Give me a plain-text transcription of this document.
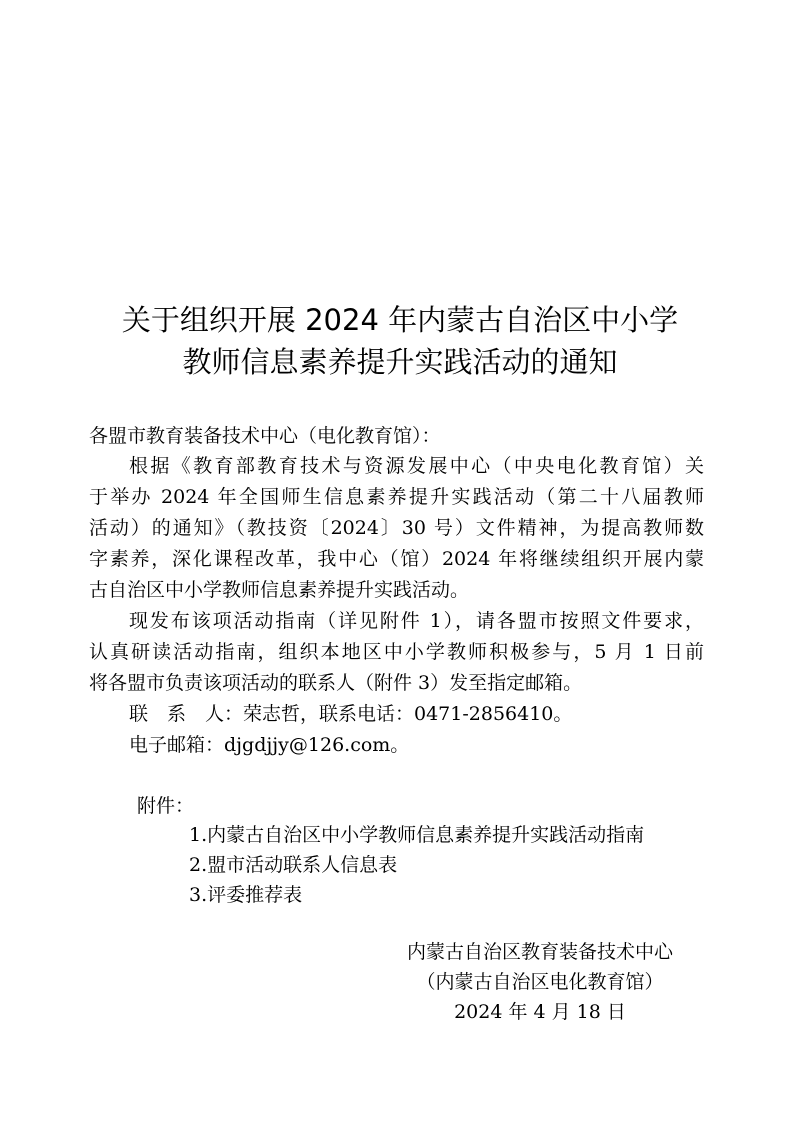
关于组织开展 2024 年内蒙古自治区中小学
教师信息素养提升实践活动的通知
各盟市教育装备技术中心（电化教育馆）：
根据《教育部教育技术与资源发展中心（中央电化教育馆）关
于举办 2024 年全国师生信息素养提升实践活动（第二十八届教师
活动）的通知》（教技资〔2024〕30 号）文件精神，为提高教师数
字素养，深化课程改革，我中心（馆）2024 年将继续组织开展内蒙
古自治区中小学教师信息素养提升实践活动。
现发布该项活动指南（详见附件 1），请各盟市按照文件要求，
认真研读活动指南，组织本地区中小学教师积极参与，5 月 1 日前
将各盟市负责该项活动的联系人（附件 3）发至指定邮箱。
联　系　人：荣志哲，联系电话：0471-2856410。
电子邮箱：djgdjjy@126.com。
附件：
1.内蒙古自治区中小学教师信息素养提升实践活动指南
2.盟市活动联系人信息表
3.评委推荐表
内蒙古自治区教育装备技术中心
（内蒙古自治区电化教育馆）
2024 年 4 月 18 日
